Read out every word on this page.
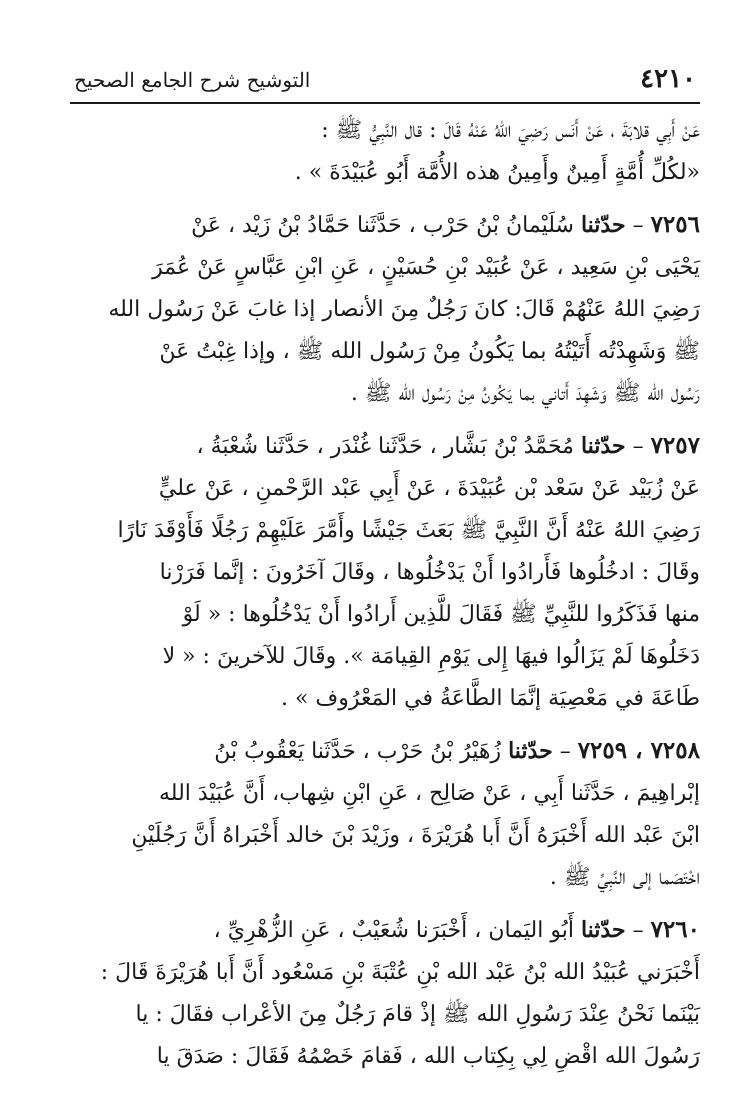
٤٢١٠
التوشيح شرح الجامع الصحيح

عَنْ أَبِي قلابَةَ ، عَنْ أَنَس رَضِيَ اللهُ عَنْهُ قَالَ : قال النَّبِيُّ ﷺ :
«لكُلِّ أُمَّةٍ أَمِينٌ وأَمِينُ هذه الأُمَّة أَبُو عُبَيْدَةَ » .

٧٢٥٦ – حدّثنا سُلَيْمانُ بْنُ حَرْب ، حَدَّثَنا حَمَّادُ بْنُ زَيْد ، عَنْ
يَحْيَى بْنِ سَعِيد ، عَنْ عُبَيْد بْنِ حُسَيْنٍ ، عَنِ ابْنِ عَبَّاسٍ عَنْ عُمَرَ
رَضِيَ اللهُ عَنْهُمْ قَالَ: كانَ رَجُلٌ مِنَ الأنصار إذا غابَ عَنْ رَسُول الله
ﷺ وَشَهِدْتُه أَتَيْتُهُ بما يَكُونُ مِنْ رَسُول الله ﷺ ، وإذا غِبْتُ عَنْ
رَسُول الله ﷺ وَشَهِدَ أَتاني بما يَكُونُ مِنْ رَسُول الله ﷺ .

٧٢٥٧ – حدّثنا مُحَمَّدُ بْنُ بَشَّار ، حَدَّثَنا غُنْدَر ، حَدَّثَنا شُعْبَةُ ،
عَنْ زُبَيْد عَنْ سَعْد بْن عُبَيْدَةَ ، عَنْ أَبِي عَبْد الرَّحْمنِ ، عَنْ عليٍّ
رَضِيَ اللهُ عَنْهُ أَنَّ النَّبِيَّ ﷺ بَعَثَ جَيْشًا وأَمَّرَ عَلَيْهِمْ رَجُلًا فَأَوْقَدَ نَارًا
وقَالَ : ادخُلُوها فَأَرادُوا أَنْ يَدْخُلُوها ، وقَالَ آخَرُونَ : إنَّما فَرَرْنا
منها فَذَكَرُوا للنَّبِيِّ ﷺ فَقَالَ للَّذِين أَرادُوا أَنْ يَدْخُلُوها : « لَوْ
دَخَلُوهَا لَمْ يَزَالُوا فيهَا إِلى يَوْمِ القِيامَة ». وقَالَ للآخرينَ : « لا
طَاعَةَ في مَعْصِيَة إنَّمَا الطَّاعَةُ في المَعْرُوف » .

٧٢٥٨ ، ٧٢٥٩ – حدّثنا زُهَيْرُ بْنُ حَرْب ، حَدَّثَنا يَعْقُوبُ بْنُ
إبْراهِيمَ ، حَدَّثَنا أَبِي ، عَنْ صَالِح ، عَنِ ابْنِ شِهاب، أَنَّ عُبَيْدَ الله
ابْنَ عَبْد الله أَخْبَرَهُ أَنَّ أَبا هُرَيْرَةَ ، وزَيْدَ بْنَ خالد أَخْبَراهُ أَنَّ رَجُلَيْنِ
اخْتَصَما إلى النَّبِيِّ ﷺ .

٧٢٦٠ – حدّثنا أَبُو اليَمان ، أَخْبَرَنا شُعَيْبٌ ، عَنِ الزُّهْرِيِّ ،
أَخْبَرَني عُبَيْدُ الله بْنُ عَبْد الله بْنِ عُتْبَةَ بْنِ مَسْعُود أَنَّ أَبا هُرَيْرَةَ قَالَ :
بَيْنَما نَحْنُ عِنْدَ رَسُولِ الله ﷺ إذْ قامَ رَجُلٌ مِنَ الأعْراب فقَالَ : يا
رَسُولَ الله اقْضِ لِي بِكِتاب الله ، فَقامَ خَصْمُهُ فَقَالَ : صَدَقَ يا
